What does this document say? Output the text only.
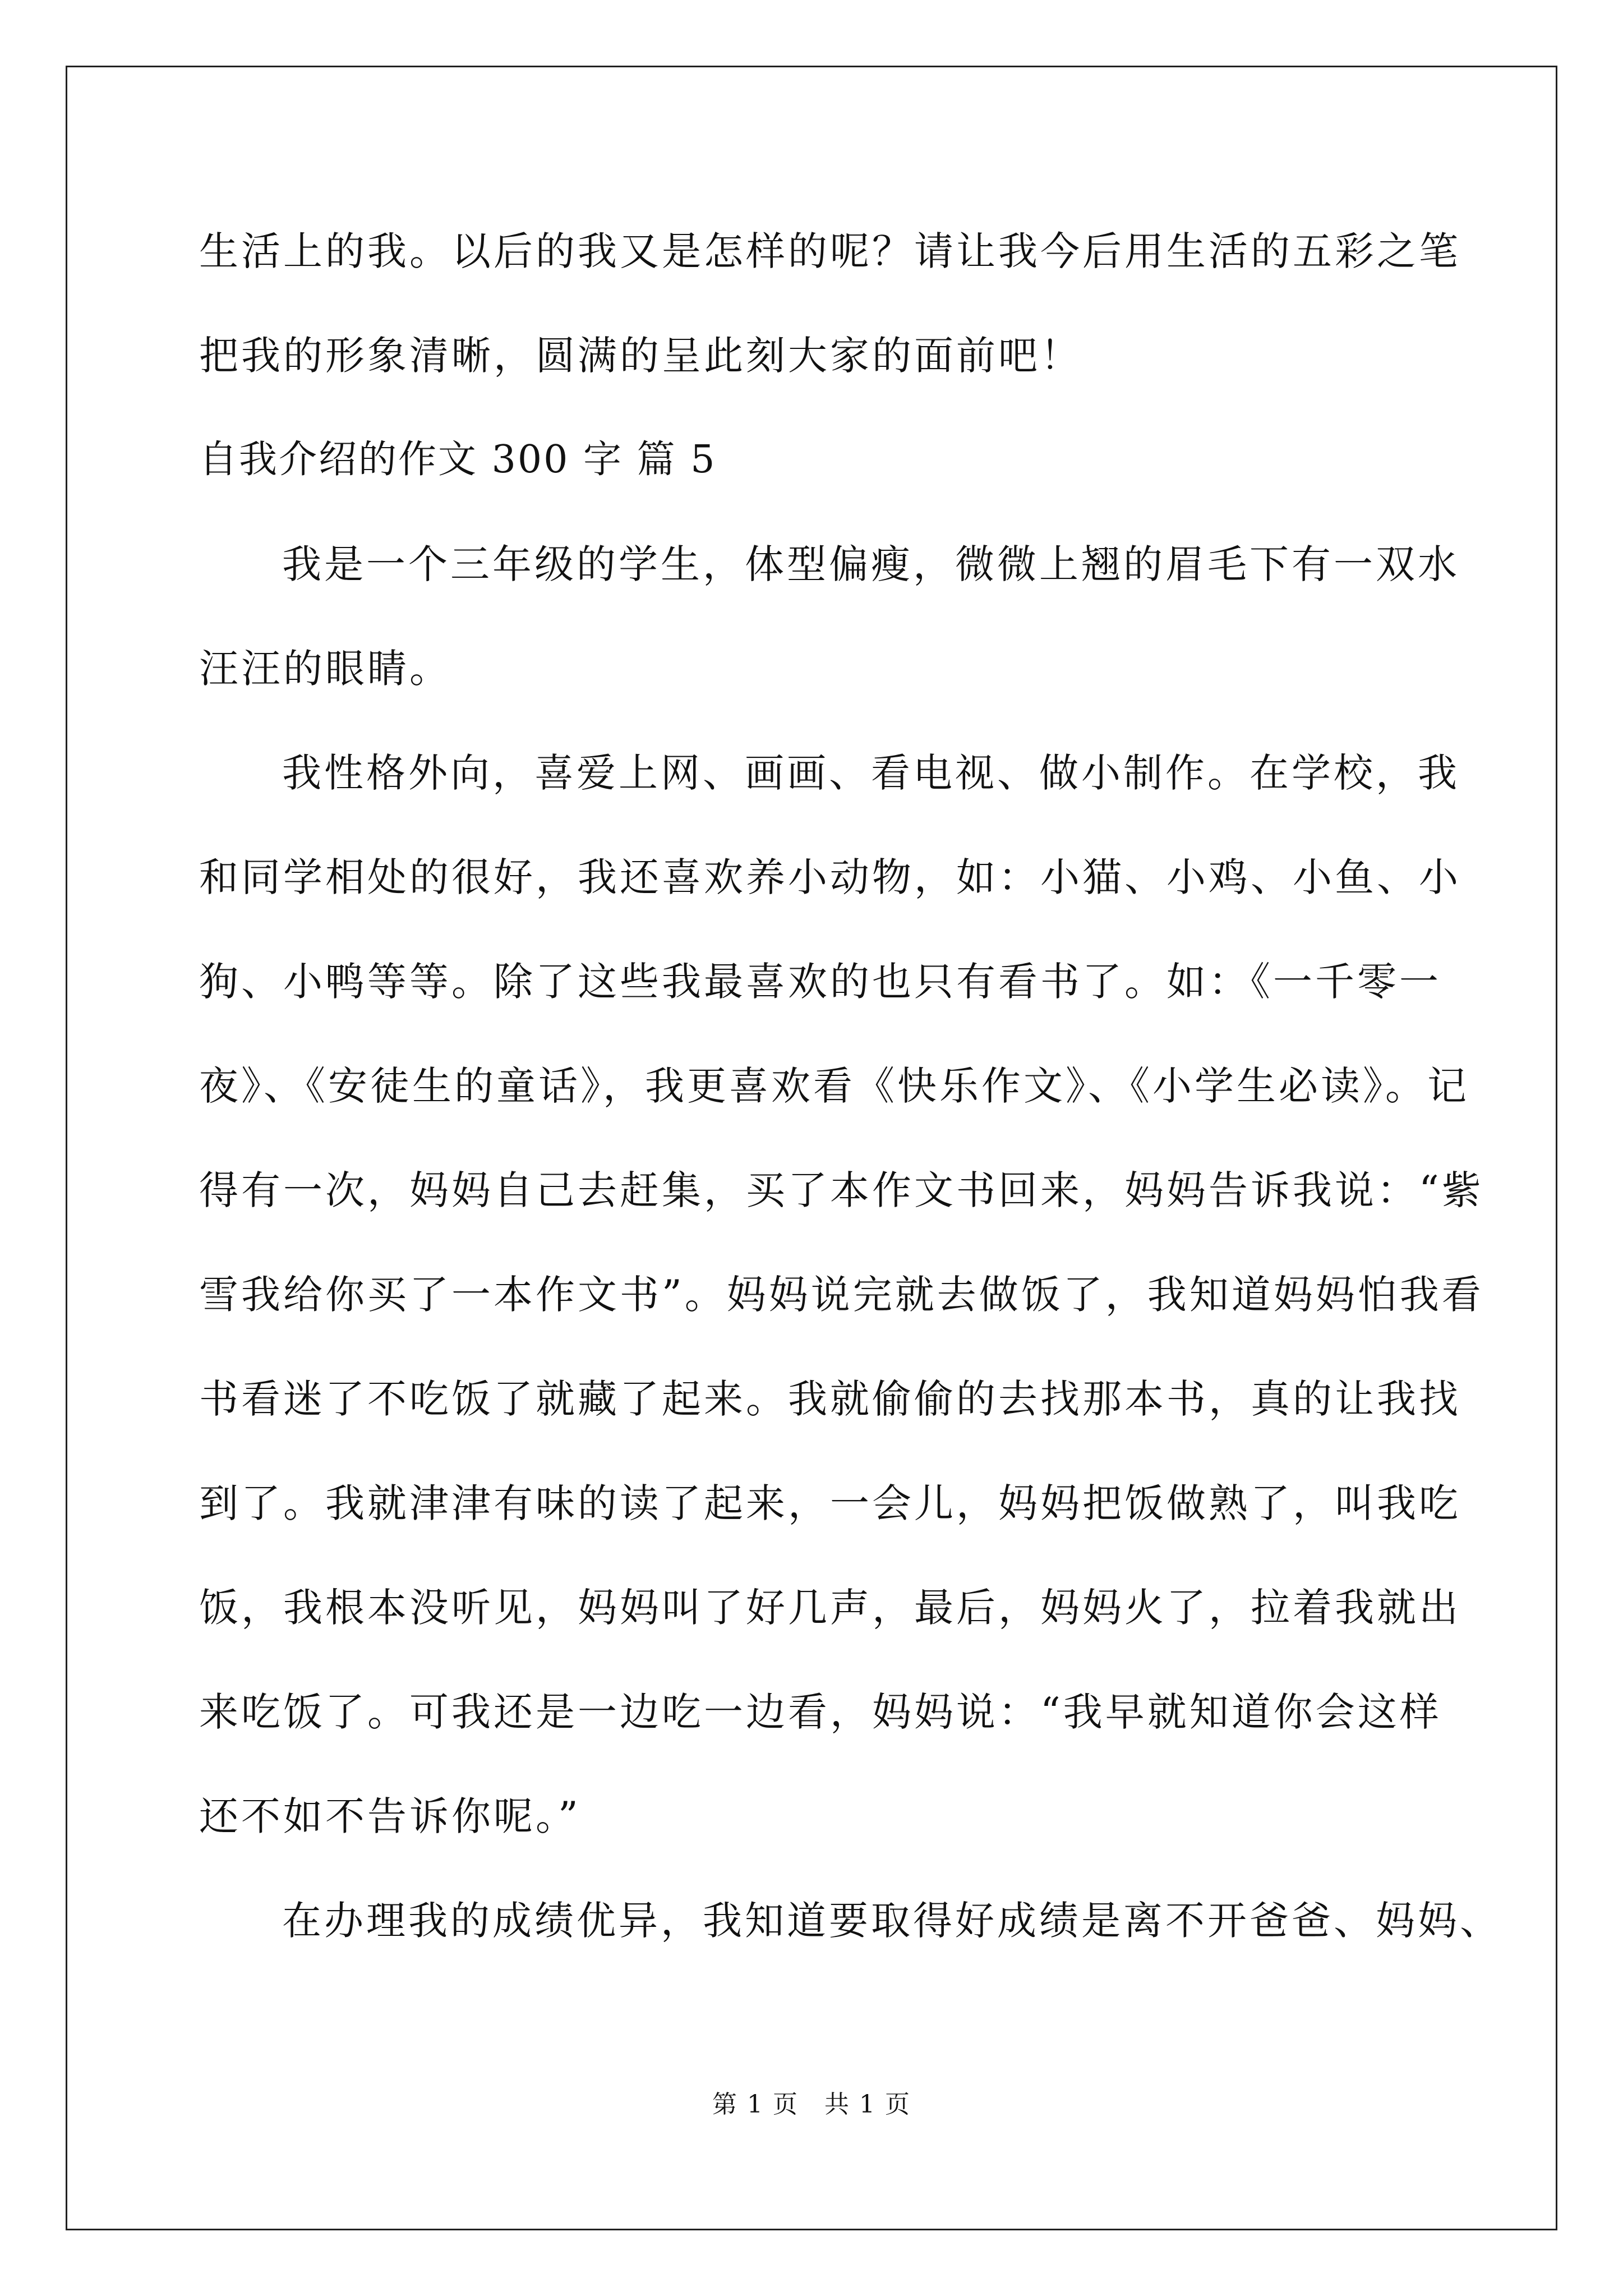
生活上的我。以后的我又是怎样的呢？请让我今后用生活的五彩之笔
把我的形象清晰，圆满的呈此刻大家的面前吧！
自我介绍的作文 300 字 篇 5
我是一个三年级的学生，体型偏瘦，微微上翘的眉毛下有一双水
汪汪的眼睛。
我性格外向，喜爱上网、画画、看电视、做小制作。在学校，我
和同学相处的很好，我还喜欢养小动物，如：小猫、小鸡、小鱼、小
狗、小鸭等等。除了这些我最喜欢的也只有看书了。如：《一千零一
夜》、《安徒生的童话》，我更喜欢看《快乐作文》、《小学生必读》。记
得有一次，妈妈自己去赶集，买了本作文书回来，妈妈告诉我说：“紫
雪我给你买了一本作文书”。妈妈说完就去做饭了，我知道妈妈怕我看
书看迷了不吃饭了就藏了起来。我就偷偷的去找那本书，真的让我找
到了。我就津津有味的读了起来，一会儿，妈妈把饭做熟了，叫我吃
饭，我根本没听见，妈妈叫了好几声，最后，妈妈火了，拉着我就出
来吃饭了。可我还是一边吃一边看，妈妈说：“我早就知道你会这样
还不如不告诉你呢。”
在办理我的成绩优异，我知道要取得好成绩是离不开爸爸、妈妈、
第 1 页 共 1 页
